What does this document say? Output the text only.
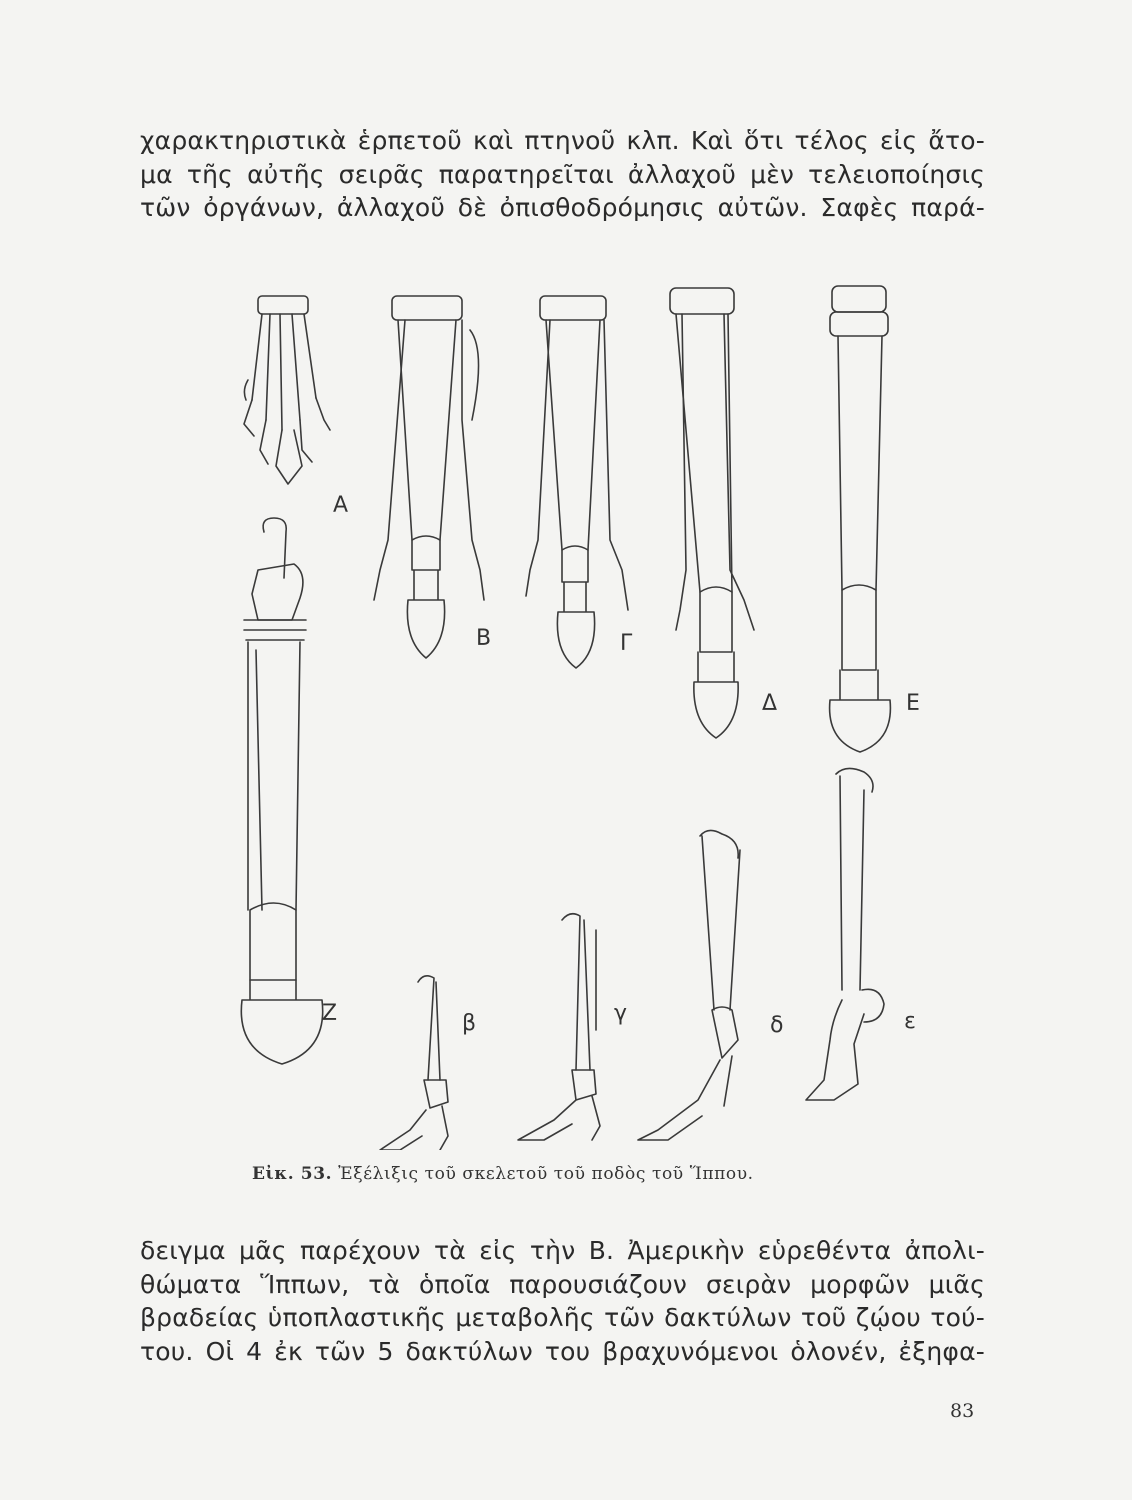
χαρακτηριστικὰ ἑρπετοῦ καὶ πτηνοῦ κλπ. Καὶ ὅτι τέλος εἰς ἄτο-
μα τῆς αὐτῆς σειρᾶς παρατηρεῖται ἀλλαχοῦ μὲν τελειοποίησις
τῶν ὀργάνων, ἀλλαχοῦ δὲ ὀπισθοδρόμησις αὐτῶν. Σαφὲς παρά-
Α
Β	Γ
Δ	Ε
Ζ	β	γ	δ	ε
Εἰκ. 53. Ἐξέλιξις τοῦ σκελετοῦ τοῦ ποδὸς τοῦ Ἵππου.
δειγμα μᾶς παρέχουν τὰ εἰς τὴν Β. Ἀμερικὴν εὑρεθέντα ἀπολι-
θώματα Ἵππων, τὰ ὁποῖα παρουσιάζουν σειρὰν μορφῶν μιᾶς
βραδείας ὑποπλαστικῆς μεταβολῆς τῶν δακτύλων τοῦ ζῴου τού-
του. Οἱ 4 ἐκ τῶν 5 δακτύλων του βραχυνόμενοι ὁλονέν, ἐξηφα-
83
